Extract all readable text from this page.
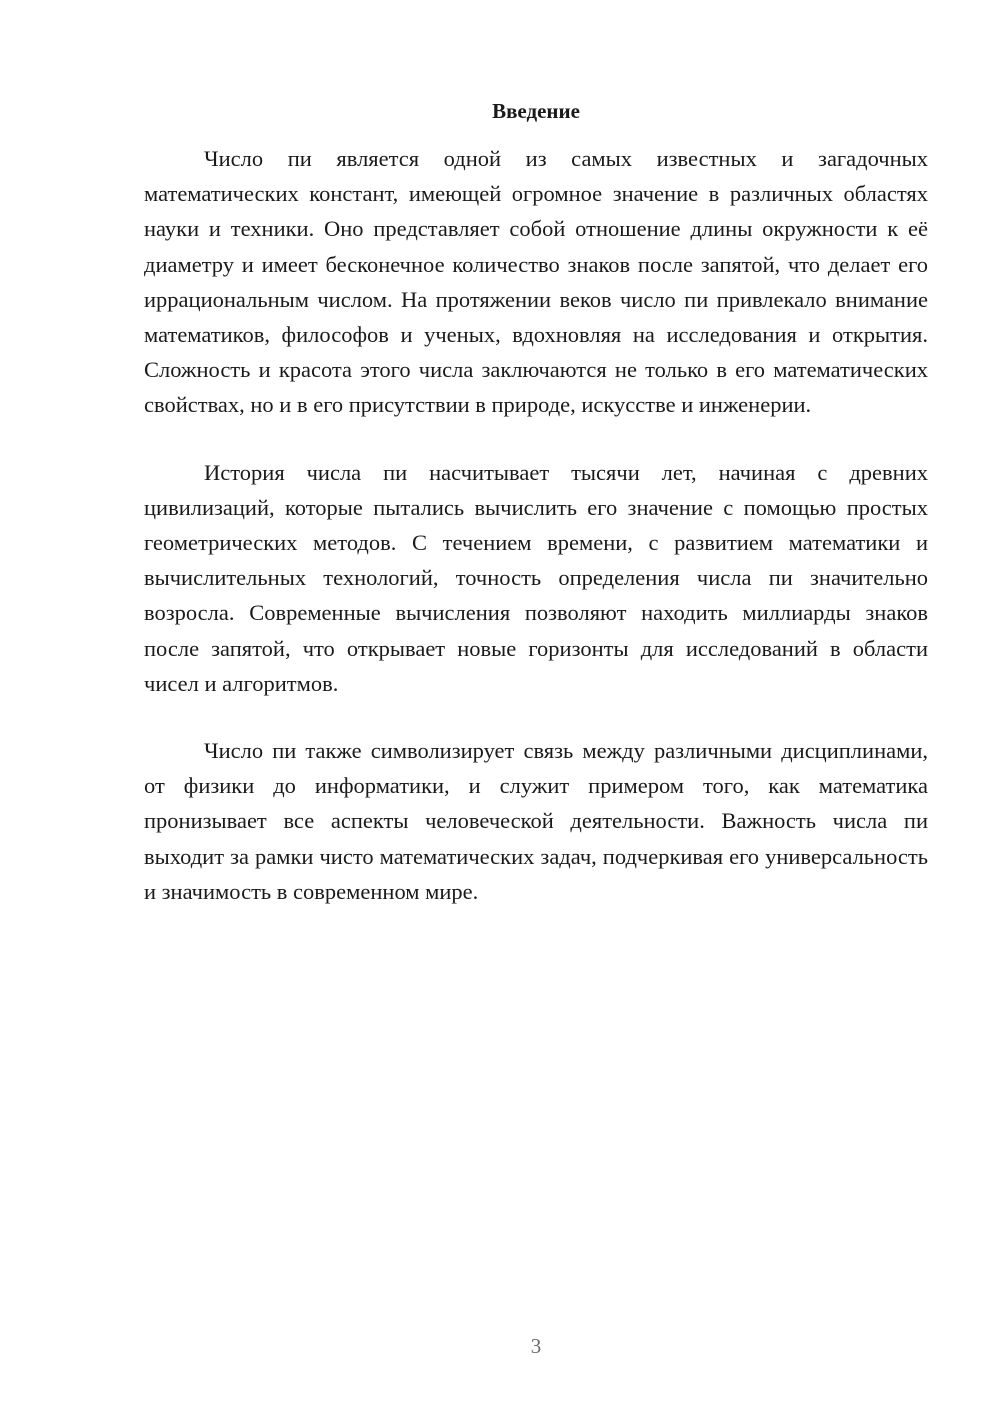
Введение

Число пи является одной из самых известных и загадочных математических констант, имеющей огромное значение в различных областях науки и техники. Оно представляет собой отношение длины окружности к её диаметру и имеет бесконечное количество знаков после запятой, что делает его иррациональным числом. На протяжении веков число пи привлекало внимание математиков, философов и ученых, вдохновляя на исследования и открытия. Сложность и красота этого числа заключаются не только в его математических свойствах, но и в его присутствии в природе, искусстве и инженерии.

История числа пи насчитывает тысячи лет, начиная с древних цивилизаций, которые пытались вычислить его значение с помощью простых геометрических методов. С течением времени, с развитием математики и вычислительных технологий, точность определения числа пи значительно возросла. Современные вычисления позволяют находить миллиарды знаков после запятой, что открывает новые горизонты для исследований в области чисел и алгоритмов.

Число пи также символизирует связь между различными дисциплинами, от физики до информатики, и служит примером того, как математика пронизывает все аспекты человеческой деятельности. Важность числа пи выходит за рамки чисто математических задач, подчеркивая его универсальность и значимость в современном мире.

3
